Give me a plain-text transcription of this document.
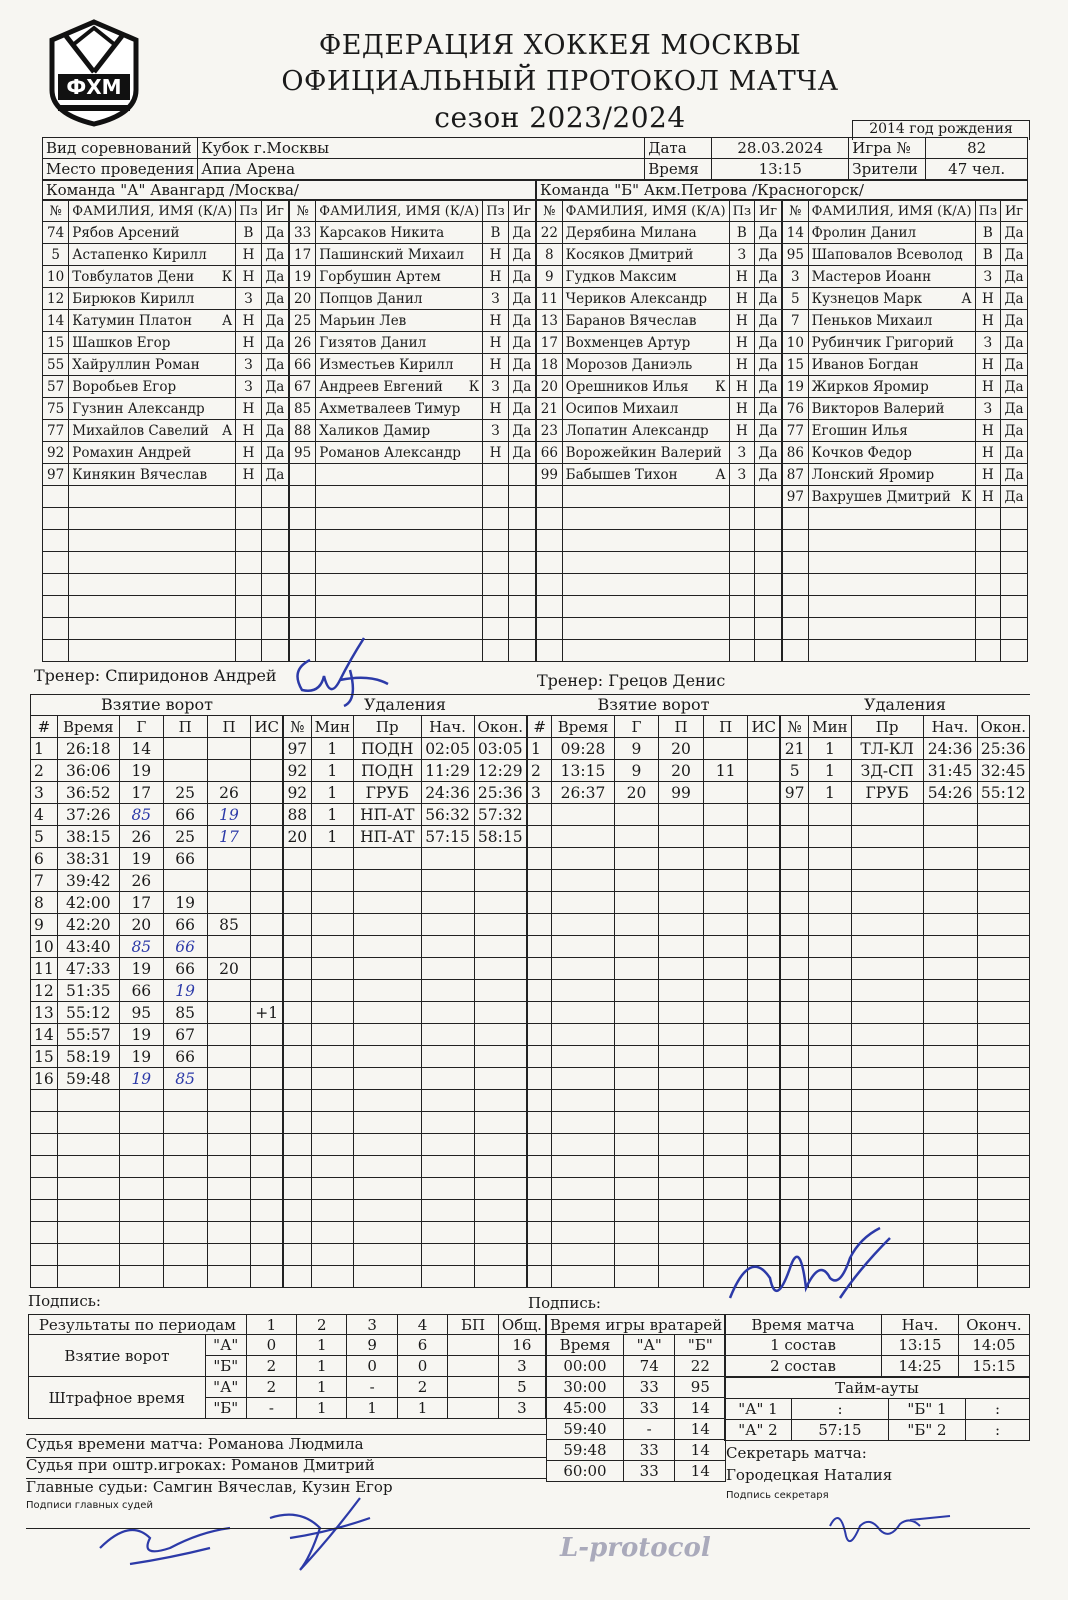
ФХМ
ФЕДЕРАЦИЯ ХОККЕЯ МОСКВЫ
ОФИЦИАЛЬНЫЙ ПРОТОКОЛ МАТЧА
сезон 2023/2024	2014 год рождения
Вид соревнований	Кубок г.Москвы	Дата	28.03.2024	Игра №	82
Место проведения	Апиа Арена	Время	13:15	Зрители	47 чел.
Команда "А" Авангард /Москва/	Команда "Б" Акм.Петрова /Красногорск/
№	ФАМИЛИЯ, ИМЯ (К/А)	Пз	Иг
74	Рябов Арсений	В	Да
5	Астапенко Кирилл	Н	Да
10	Товбулатов Дени К	Н	Да
12	Бирюков Кирилл	З	Да
14	Катумин Платон А	Н	Да
15	Шашков Егор	Н	Да
55	Хайруллин Роман	З	Да
57	Воробьев Егор	З	Да
75	Гузнин Александр	Н	Да
77	Михайлов Савелий А	Н	Да
92	Ромахин Андрей	Н	Да
97	Кинякин Вячеслав	Н	Да

№	ФАМИЛИЯ, ИМЯ (К/А)	Пз	Иг
33	Карсаков Никита	В	Да
17	Пашинский Михаил	Н	Да
19	Горбушин Артем	Н	Да
20	Попцов Данил	З	Да
25	Марьин Лев	Н	Да
26	Гизятов Данил	Н	Да
66	Изместьев Кирилл	Н	Да
67	Андреев Евгений К	З	Да
85	Ахметвалеев Тимур	Н	Да
88	Халиков Дамир	З	Да
95	Романов Александр	Н	Да

№	ФАМИЛИЯ, ИМЯ (К/А)	Пз	Иг
22	Дерябина Милана	В	Да
8	Косяков Дмитрий	З	Да
9	Гудков Максим	Н	Да
11	Чериков Александр	Н	Да
13	Баранов Вячеслав	Н	Да
17	Вохменцев Артур	Н	Да
18	Морозов Даниэль	Н	Да
20	Орешников Илья К	Н	Да
21	Осипов Михаил	Н	Да
23	Лопатин Александр	Н	Да
66	Ворожейкин Валерий	З	Да
99	Бабышев Тихон А	З	Да

№	ФАМИЛИЯ, ИМЯ (К/А)	Пз	Иг
14	Фролин Данил	В	Да
95	Шаповалов Всеволод	В	Да
3	Мастеров Иоанн	З	Да
5	Кузнецов Марк А	Н	Да
7	Пеньков Михаил	Н	Да
10	Рубинчик Григорий	З	Да
15	Иванов Богдан	Н	Да
19	Жирков Яромир	Н	Да
76	Викторов Валерий	З	Да
77	Егошин Илья	Н	Да
86	Кочков Федор	Н	Да
87	Лонский Яромир	Н	Да
97	Вахрушев Дмитрий К	Н	Да

Тренер: Спиридонов Андрей	Тренер: Грецов Денис
Взятие ворот
#	Время	Г	П	П	ИС
1	26:18	14			
2	36:06	19			
3	36:52	17	25	26	
4	37:26	85	66	19	
5	38:15	26	25	17	
6	38:31	19	66		
7	39:42	26			
8	42:00	17	19		
9	42:20	20	66	85	
10	43:40	85	66		
11	47:33	19	66	20	
12	51:35	66	19		
13	55:12	95	85		+1
14	55:57	19	67		
15	58:19	19	66		
16	59:48	19	85		

Удаления
№	Мин	Пр	Нач.	Окон.
97	1	ПОДН	02:05	03:05
92	1	ПОДН	11:29	12:29
92	1	ГРУБ	24:36	25:36
88	1	НП-АТ	56:32	57:32
20	1	НП-АТ	57:15	58:15

Взятие ворот
#	Время	Г	П	П	ИС
1	09:28	9	20		
2	13:15	9	20	11	
3	26:37	20	99		

Удаления
№	Мин	Пр	Нач.	Окон.
21	1	ТЛ-КЛ	24:36	25:36
5	1	ЗД-СП	31:45	32:45
97	1	ГРУБ	54:26	55:12

Подпись:	Подпись:
Результаты по периодам		1	2	3	4	БП	Общ.
Взятие ворот	"А"	0	1	9	6		16
	"Б"	2	1	0	0		3
Штрафное время	"А"	2	1	-	2		5
	"Б"	-	1	1	1		3
Судья времени матча: Романова Людмила
Судья при оштр.игроках: Романов Дмитрий
Главные судьи: Самгин Вячеслав, Кузин Егор
Подписи главных судей
Время игры вратарей		
Время	"А"	"Б"
00:00	74	22
30:00	33	95
45:00	33	14
59:40	-	14
59:48	33	14
60:00	33	14
Время матча	Нач.	Оконч.
1 состав	13:15	14:05
2 состав	14:25	15:15
Тайм-ауты			
"А" 1	:	"Б" 1	:
"А" 2	57:15	"Б" 2	:
Секретарь матча:
Городецкая Наталия
Подпись секретаря
L-protocol
